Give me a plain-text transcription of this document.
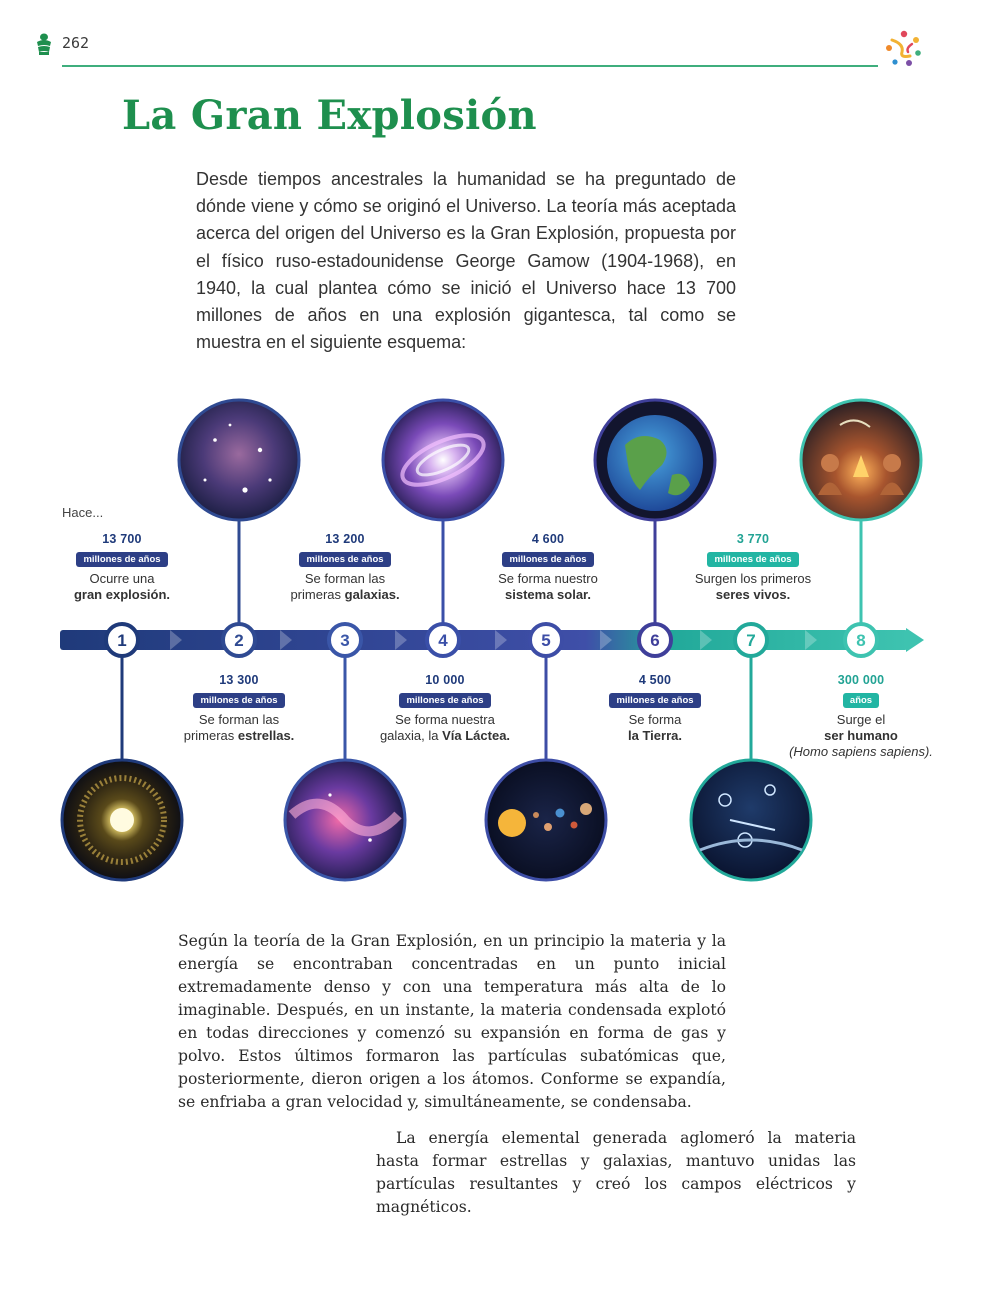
262
La Gran Explosión

Desde tiempos ancestrales la humanidad se ha preguntado de dónde viene y cómo se originó el Universo. La teoría más aceptada acerca del origen del Universo es la Gran Explosión, propuesta por el físico ruso-estadounidense George Gamow (1904-1968), en 1940, la cual plantea cómo se inició el Universo hace 13 700 millones de años en una explosión gigantesca, tal como se muestra en el siguiente esquema:

1	2	3	4	5	6	7	8
Hace...
13 700
millones de años
Ocurre una
gran explosión.
13 200
millones de años
Se forman las
primeras galaxias.
4 600
millones de años
Se forma nuestro
sistema solar.
3 770
millones de años
Surgen los primeros
seres vivos.
13 300
millones de años
Se forman las
primeras estrellas.
10 000
millones de años
Se forma nuestra
galaxia, la Vía Láctea.
4 500
millones de años
Se forma
la Tierra.
300 000
años
Surge el
ser humano
(Homo sapiens sapiens).

Según la teoría de la Gran Explosión, en un principio la materia y la energía se encontraban concentradas en un punto inicial extremadamente denso y con una temperatura más alta de lo imaginable. Después, en un instante, la materia condensada explotó en todas direcciones y comenzó su expansión en forma de gas y polvo. Estos últimos formaron las partículas subatómicas que, posteriormente, dieron origen a los átomos. Conforme se expandía, se enfriaba a gran velocidad y, simultáneamente, se condensaba.

La energía elemental generada aglomeró la materia hasta formar estrellas y galaxias, mantuvo unidas las partículas resultantes y creó los campos eléctricos y magnéticos.
